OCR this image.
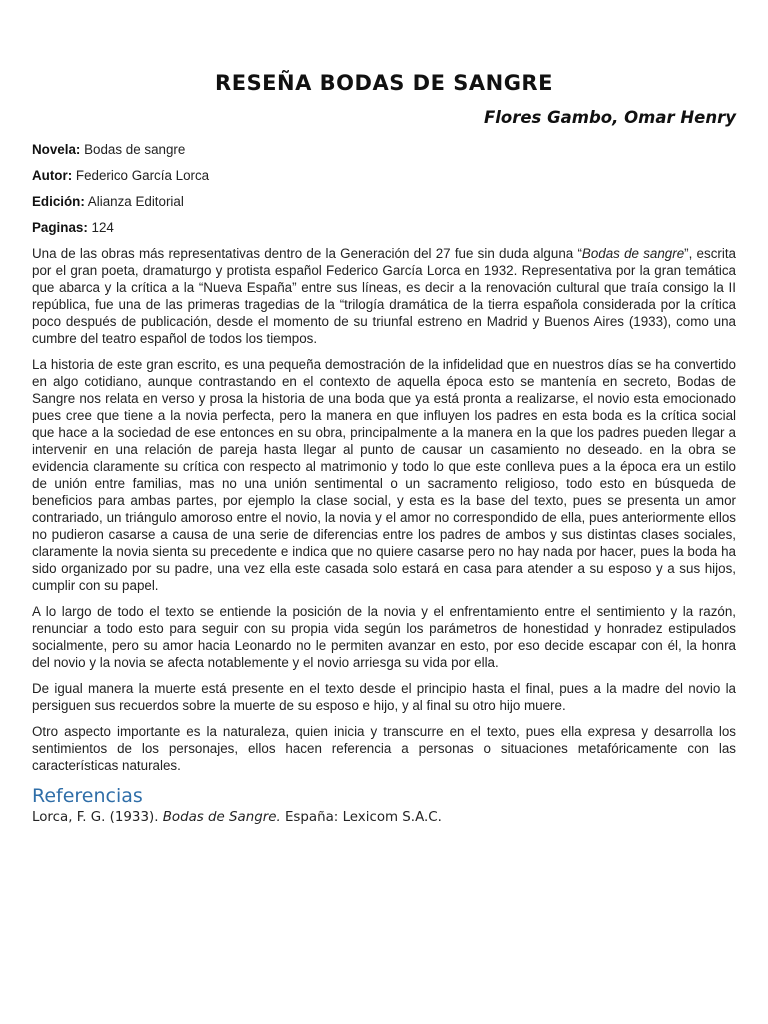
RESEÑA BODAS DE SANGRE

Flores Gambo, Omar Henry

Novela: Bodas de sangre

Autor: Federico García Lorca

Edición: Alianza Editorial

Paginas: 124

Una de las obras más representativas dentro de la Generación del 27 fue sin duda alguna “Bodas de sangre”, escrita por el gran poeta, dramaturgo y protista español Federico García Lorca en 1932. Representativa por la gran temática que abarca y la crítica a la “Nueva España” entre sus líneas, es decir a la renovación cultural que traía consigo la II república, fue una de las primeras tragedias de la “trilogía dramática de la tierra española considerada por la crítica poco después de publicación, desde el momento de su triunfal estreno en Madrid y Buenos Aires (1933), como una cumbre del teatro español de todos los tiempos.

La historia de este gran escrito, es una pequeña demostración de la infidelidad que en nuestros días se ha convertido en algo cotidiano, aunque contrastando en el contexto de aquella época esto se mantenía en secreto, Bodas de Sangre nos relata en verso y prosa la historia de una boda que ya está pronta a realizarse, el novio esta emocionado pues cree que tiene a la novia perfecta, pero la manera en que influyen los padres en esta boda es la crítica social que hace a la sociedad de ese entonces en su obra, principalmente a la manera en la que los padres pueden llegar a intervenir en una relación de pareja hasta llegar al punto de causar un casamiento no deseado. en la obra se evidencia claramente su crítica con respecto al matrimonio y todo lo que este conlleva pues a la época era un estilo de unión entre familias, mas no una unión sentimental o un sacramento religioso, todo esto en búsqueda de beneficios para ambas partes, por ejemplo la clase social, y esta es la base del texto, pues se presenta un amor contrariado, un triángulo amoroso entre el novio, la novia y el amor no correspondido de ella, pues anteriormente ellos no pudieron casarse a causa de una serie de diferencias entre los padres de ambos y sus distintas clases sociales, claramente la novia sienta su precedente e indica que no quiere casarse pero no hay nada por hacer, pues la boda ha sido organizado por su padre, una vez ella este casada solo estará en casa para atender a su esposo y a sus hijos, cumplir con su papel.

A lo largo de todo el texto se entiende la posición de la novia y el enfrentamiento entre el sentimiento y la razón, renunciar a todo esto para seguir con su propia vida según los parámetros de honestidad y honradez estipulados socialmente, pero su amor hacia Leonardo no le permiten avanzar en esto, por eso decide escapar con él, la honra del novio y la novia se afecta notablemente y el novio arriesga su vida por ella.

De igual manera la muerte está presente en el texto desde el principio hasta el final, pues a la madre del novio la persiguen sus recuerdos sobre la muerte de su esposo e hijo, y al final su otro hijo muere.

Otro aspecto importante es la naturaleza, quien inicia y transcurre en el texto, pues ella expresa y desarrolla los sentimientos de los personajes, ellos hacen referencia a personas o situaciones metafóricamente con las características naturales.

Referencias

Lorca, F. G. (1933). Bodas de Sangre. España: Lexicom S.A.C.
